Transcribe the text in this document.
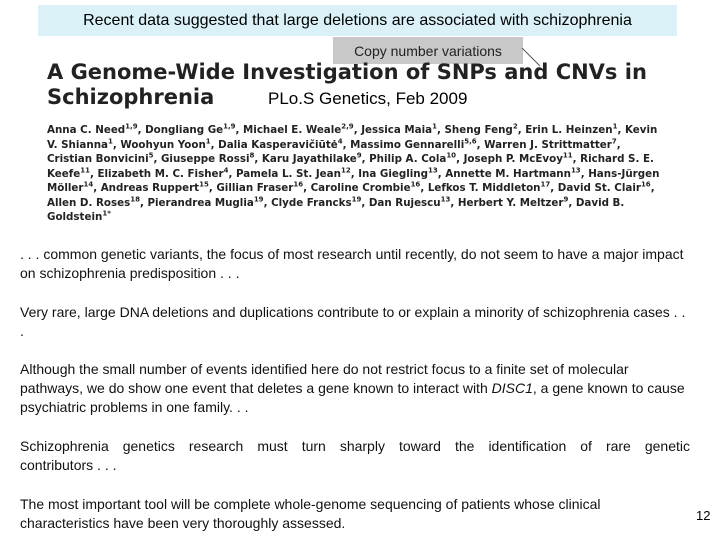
Recent data suggested that large deletions are associated with schizophrenia
Copy number variations
A Genome-Wide Investigation of SNPs and CNVs in
Schizophrenia	PLo.S Genetics, Feb 2009

Anna C. Need$^{1,9}$, Dongliang Ge$^{1,9}$, Michael E. Weale$^{2,9}$, Jessica Maia$^1$, Sheng Feng$^2$, Erin L. Heinzen$^1$, Kevin V. Shianna$^1$, Woohyun Yoon$^1$, Dalia Kasperavičiūtė$^4$, Massimo Gennarelli$^{5,6}$, Warren J. Strittmatter$^7$, Cristian Bonvicini$^5$, Giuseppe Rossi$^8$, Karu Jayathilake$^9$, Philip A. Cola$^{10}$, Joseph P. McEvoy$^{11}$, Richard S. E. Keefe$^{11}$, Elizabeth M. C. Fisher$^4$, Pamela L. St. Jean$^{12}$, Ina Giegling$^{13}$, Annette M. Hartmann$^{13}$, Hans-Jürgen Möller$^{14}$, Andreas Ruppert$^{15}$, Gillian Fraser$^{16}$, Caroline Crombie$^{16}$, Lefkos T. Middleton$^{17}$, David St. Clair$^{16}$, Allen D. Roses$^{18}$, Pierandrea Muglia$^{19}$, Clyde Francks$^{19}$, Dan Rujescu$^{13}$, Herbert Y. Meltzer$^9$, David B. Goldstein$^{1*}$

. . . common genetic variants, the focus of most research until recently, do not seem to have a major impact on schizophrenia predisposition . . .

Very rare, large DNA deletions and duplications contribute to or explain a minority of schizophrenia cases . . .

Although the small number of events identified here do not restrict focus to a finite set of molecular pathways, we do show one event that deletes a gene known to interact with DISC1, a gene known to cause psychiatric problems in one family. . .

Schizophrenia genetics research must turn sharply toward the identification of rare genetic
contributors . . .

The most important tool will be complete whole-genome sequencing of patients whose clinical characteristics have been very thoroughly assessed.	12
